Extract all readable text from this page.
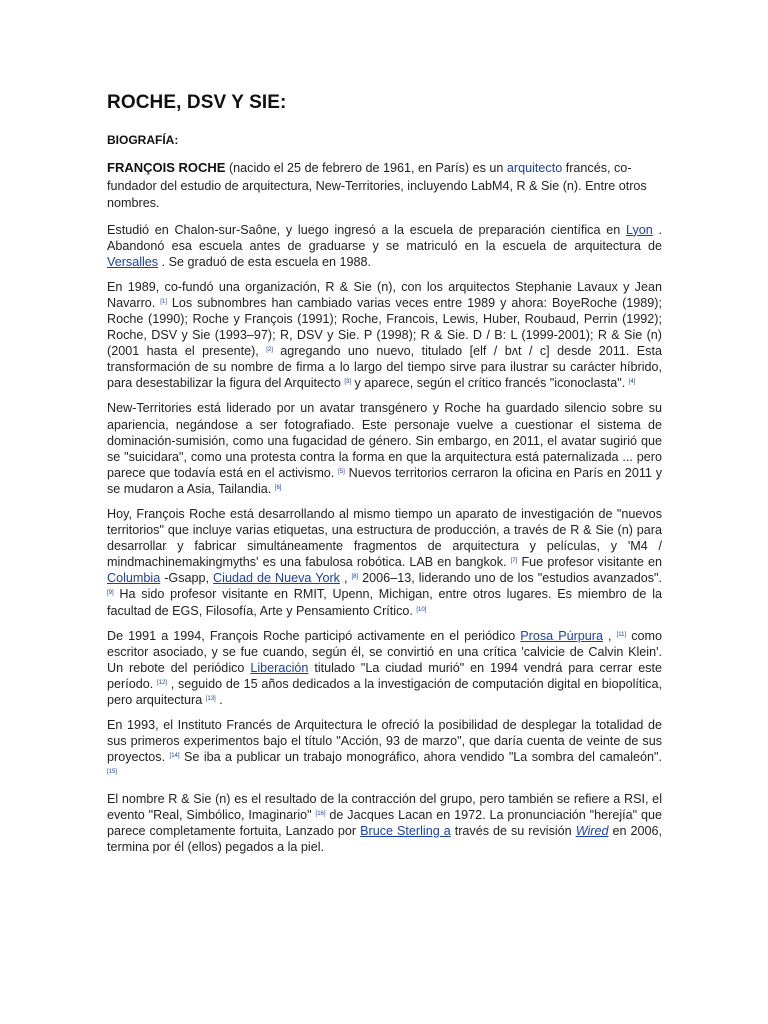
ROCHE, DSV Y SIE:
BIOGRAFÍA:

FRANÇOIS ROCHE (nacido el 25 de febrero de 1961, en París) es un arquitecto francés, co-fundador del estudio de arquitectura, New-Territories, incluyendo LabM4, R & Sie (n). Entre otros nombres.

Estudió en Chalon-sur-Saône, y luego ingresó a la escuela de preparación científica en Lyon . Abandonó esa escuela antes de graduarse y se matriculó en la escuela de arquitectura de Versalles . Se graduó de esta escuela en 1988.

En 1989, co-fundó una organización, R & Sie (n), con los arquitectos Stephanie Lavaux y Jean Navarro. [1] Los subnombres han cambiado varias veces entre 1989 y ahora: BoyeRoche (1989); Roche (1990); Roche y François (1991); Roche, Francois, Lewis, Huber, Roubaud, Perrin (1992); Roche, DSV y Sie (1993–97); R, DSV y Sie. P (1998); R & Sie. D / B: L (1999-2001); R & Sie (n) (2001 hasta el presente), [2] agregando uno nuevo, titulado [elf / bʌt / c] desde 2011. Esta transformación de su nombre de firma a lo largo del tiempo sirve para ilustrar su carácter híbrido, para desestabilizar la figura del Arquitecto [3] y aparece, según el crítico francés "iconoclasta". [4]

New-Territories está liderado por un avatar transgénero y Roche ha guardado silencio sobre su apariencia, negándose a ser fotografiado. Este personaje vuelve a cuestionar el sistema de dominación-sumisión, como una fugacidad de género. Sin embargo, en 2011, el avatar sugirió que se "suicidara", como una protesta contra la forma en que la arquitectura está paternalizada ... pero parece que todavía está en el activismo. [5] Nuevos territorios cerraron la oficina en París en 2011 y se mudaron a Asia, Tailandia. [6]

Hoy, François Roche está desarrollando al mismo tiempo un aparato de investigación de "nuevos territorios" que incluye varias etiquetas, una estructura de producción, a través de R & Sie (n) para desarrollar y fabricar simultáneamente fragmentos de arquitectura y películas, y 'M4 / mindmachinemakingmyths' es una fabulosa robótica. LAB en bangkok. [7] Fue profesor visitante en Columbia -Gsapp, Ciudad de Nueva York , [8] 2006–13, liderando uno de los "estudios avanzados". [9] Ha sido profesor visitante en RMIT, Upenn, Michigan, entre otros lugares. Es miembro de la facultad de EGS, Filosofía, Arte y Pensamiento Crítico. [10]

De 1991 a 1994, François Roche participó activamente en el periódico Prosa Púrpura , [11] como escritor asociado, y se fue cuando, según él, se convirtió en una crítica 'calvicie de Calvin Klein'. Un rebote del periódico Liberación titulado "La ciudad murió" en 1994 vendrá para cerrar este período. [12] , seguido de 15 años dedicados a la investigación de computación digital en biopolítica, pero arquitectura [13] .

En 1993, el Instituto Francés de Arquitectura le ofreció la posibilidad de desplegar la totalidad de sus primeros experimentos bajo el título "Acción, 93 de marzo", que daría cuenta de veinte de sus proyectos. [14] Se iba a publicar un trabajo monográfico, ahora vendido "La sombra del camaleón". [15]

El nombre R & Sie (n) es el resultado de la contracción del grupo, pero también se refiere a RSI, el evento "Real, Simbólico, Imaginario" [16] de Jacques Lacan en 1972. La pronunciación "herejía" que parece completamente fortuita, Lanzado por Bruce Sterling a través de su revisión Wired en 2006, termina por él (ellos) pegados a la piel.
